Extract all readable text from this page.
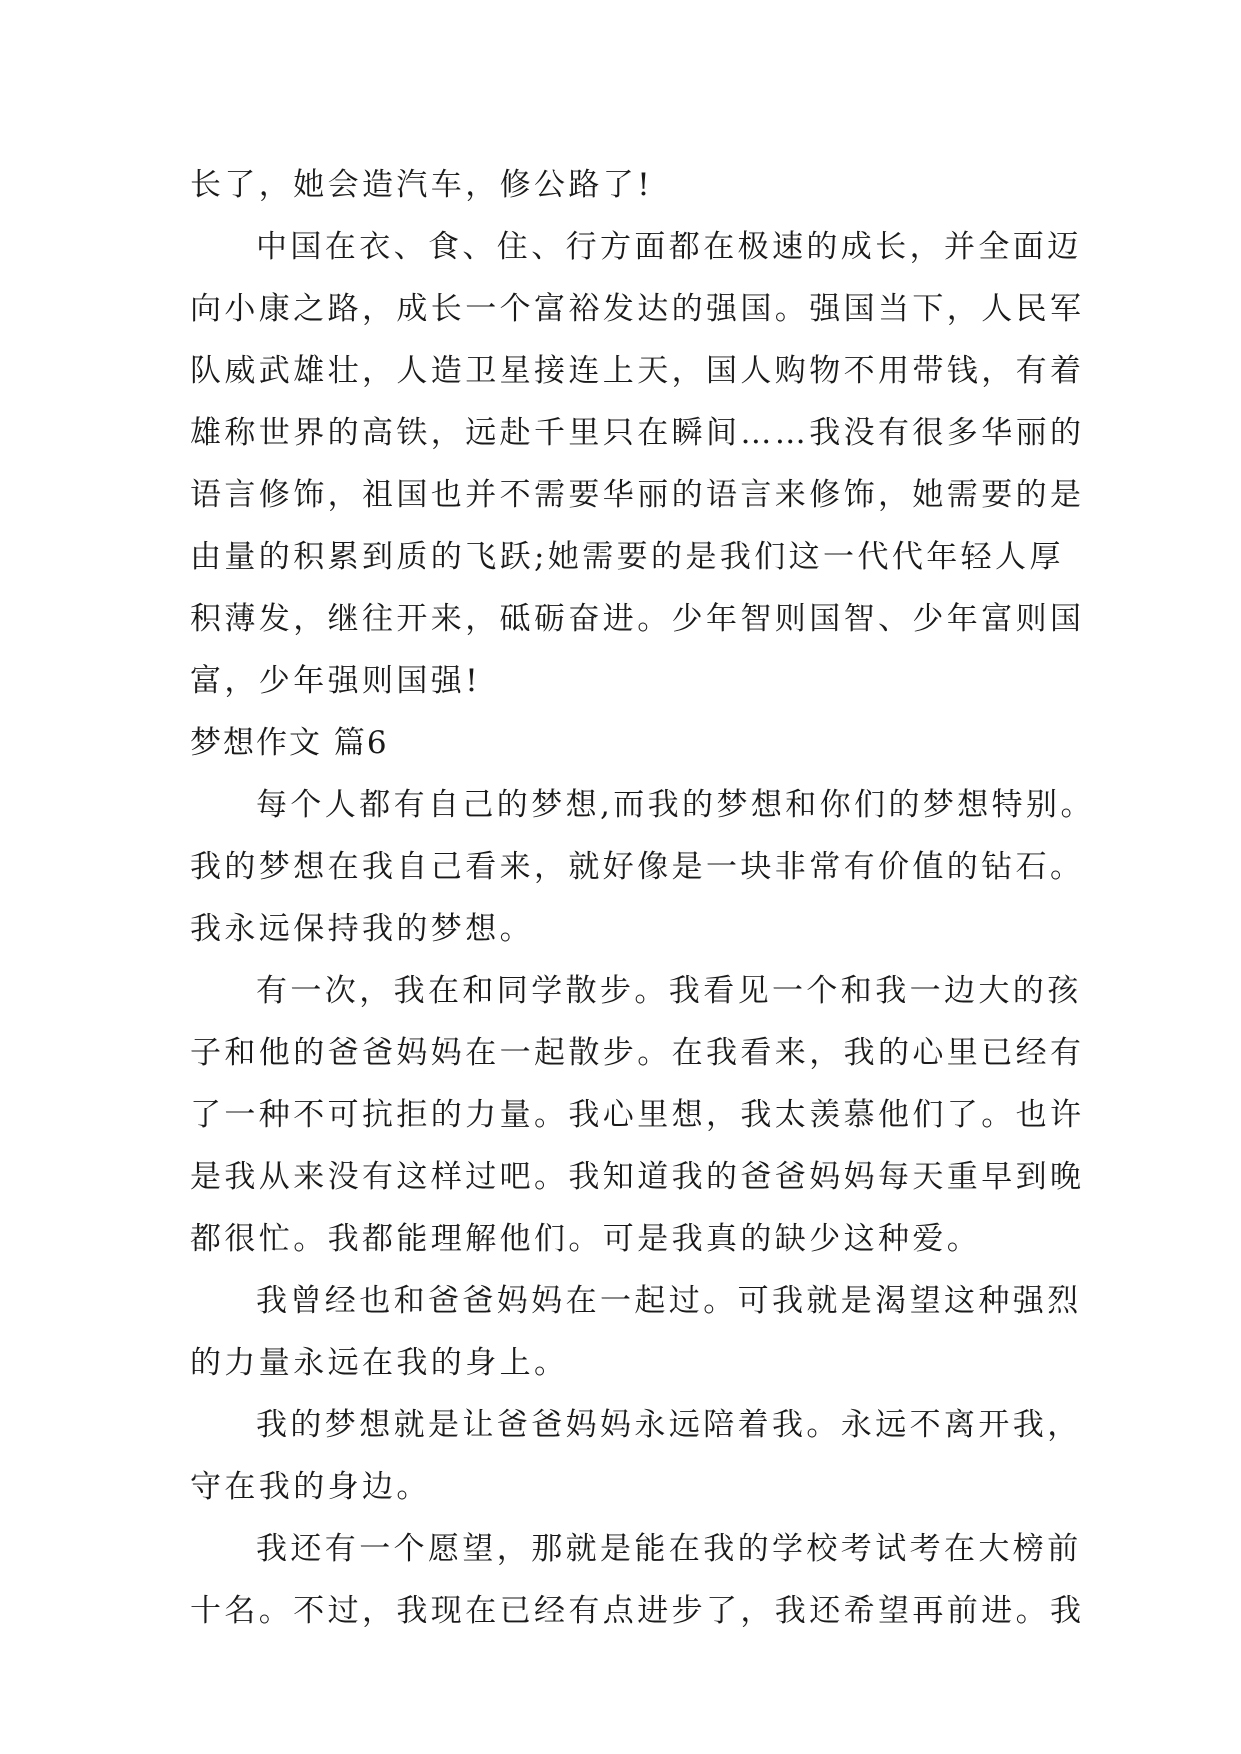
长了，她会造汽车，修公路了!
中国在衣、食、住、行方面都在极速的成长，并全面迈
向小康之路，成长一个富裕发达的强国。强国当下，人民军
队威武雄壮，人造卫星接连上天，国人购物不用带钱，有着
雄称世界的高铁，远赴千里只在瞬间……我没有很多华丽的
语言修饰，祖国也并不需要华丽的语言来修饰，她需要的是
由量的积累到质的飞跃;她需要的是我们这一代代年轻人厚
积薄发，继往开来，砥砺奋进。少年智则国智、少年富则国
富，少年强则国强!
梦想作文 篇6
每个人都有自己的梦想,而我的梦想和你们的梦想特别。
我的梦想在我自己看来，就好像是一块非常有价值的钻石。
我永远保持我的梦想。
有一次，我在和同学散步。我看见一个和我一边大的孩
子和他的爸爸妈妈在一起散步。在我看来，我的心里已经有
了一种不可抗拒的力量。我心里想，我太羡慕他们了。也许
是我从来没有这样过吧。我知道我的爸爸妈妈每天重早到晚
都很忙。我都能理解他们。可是我真的缺少这种爱。
我曾经也和爸爸妈妈在一起过。可我就是渴望这种强烈
的力量永远在我的身上。
我的梦想就是让爸爸妈妈永远陪着我。永远不离开我，
守在我的身边。
我还有一个愿望，那就是能在我的学校考试考在大榜前
十名。不过，我现在已经有点进步了，我还希望再前进。我
